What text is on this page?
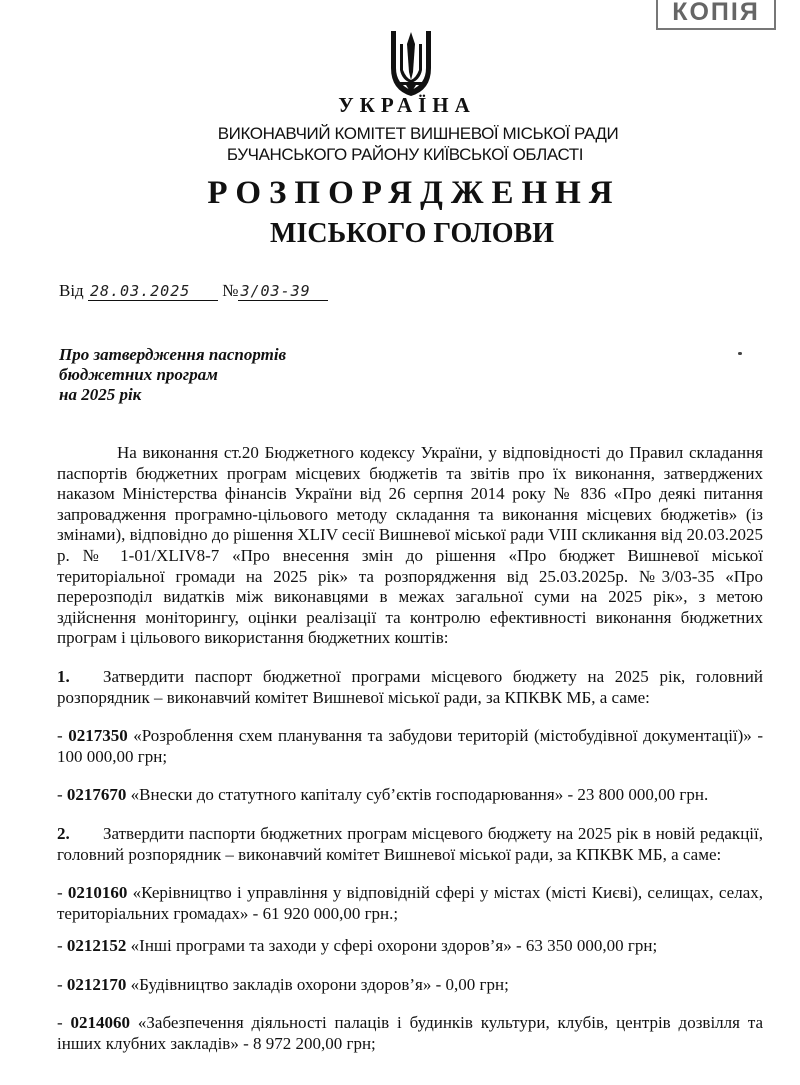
КОПІЯ
УКРАЇНА
ВИКОНАВЧИЙ КОМІТЕТ ВИШНЕВОЇ МІСЬКОЇ РАДИ
БУЧАНСЬКОГО РАЙОНУ КИЇВСЬКОЇ ОБЛАСТІ
РОЗПОРЯДЖЕННЯ
МІСЬКОГО ГОЛОВИ
Від 28.03.2025 № 3/03-39
Про затвердження паспортів
бюджетних програм
на 2025 рік

На виконання ст.20 Бюджетного кодексу України, у відповідності до Правил складання паспортів бюджетних програм місцевих бюджетів та звітів про їх виконання, затверджених наказом Міністерства фінансів України від 26 серпня 2014 року № 836 «Про деякі питання запровадження програмно-цільового методу складання та виконання місцевих бюджетів» (із змінами), відповідно до рішення XLIV сесії Вишневої міської ради VIII скликання від 20.03.2025 р. № 1-01/XLIV8-7 «Про внесення змін до рішення «Про бюджет Вишневої міської територіальної громади на 2025 рік» та розпорядження від 25.03.2025р. №3/03-35 «Про перерозподіл видатків між виконавцями в межах загальної суми на 2025 рік», з метою здійснення моніторингу, оцінки реалізації та контролю ефективності виконання бюджетних програм і цільового використання бюджетних коштів:

1. Затвердити паспорт бюджетної програми місцевого бюджету на 2025 рік, головний розпорядник – виконавчий комітет Вишневої міської ради, за КПКВК МБ, а саме:

- 0217350 «Розроблення схем планування та забудови територій (містобудівної документації)» - 100 000,00 грн;

- 0217670 «Внески до статутного капіталу суб’єктів господарювання» - 23 800 000,00 грн.

2. Затвердити паспорти бюджетних програм місцевого бюджету на 2025 рік в новій редакції, головний розпорядник – виконавчий комітет Вишневої міської ради, за КПКВК МБ, а саме:

- 0210160 «Керівництво і управління у відповідній сфері у містах (місті Києві), селищах, селах, територіальних громадах» - 61 920 000,00 грн.;

- 0212152 «Інші програми та заходи у сфері охорони здоров’я» - 63 350 000,00 грн;

- 0212170 «Будівництво закладів охорони здоров’я» - 0,00 грн;

- 0214060 «Забезпечення діяльності палаців і будинків культури, клубів, центрів дозвілля та інших клубних закладів» - 8 972 200,00 грн;
